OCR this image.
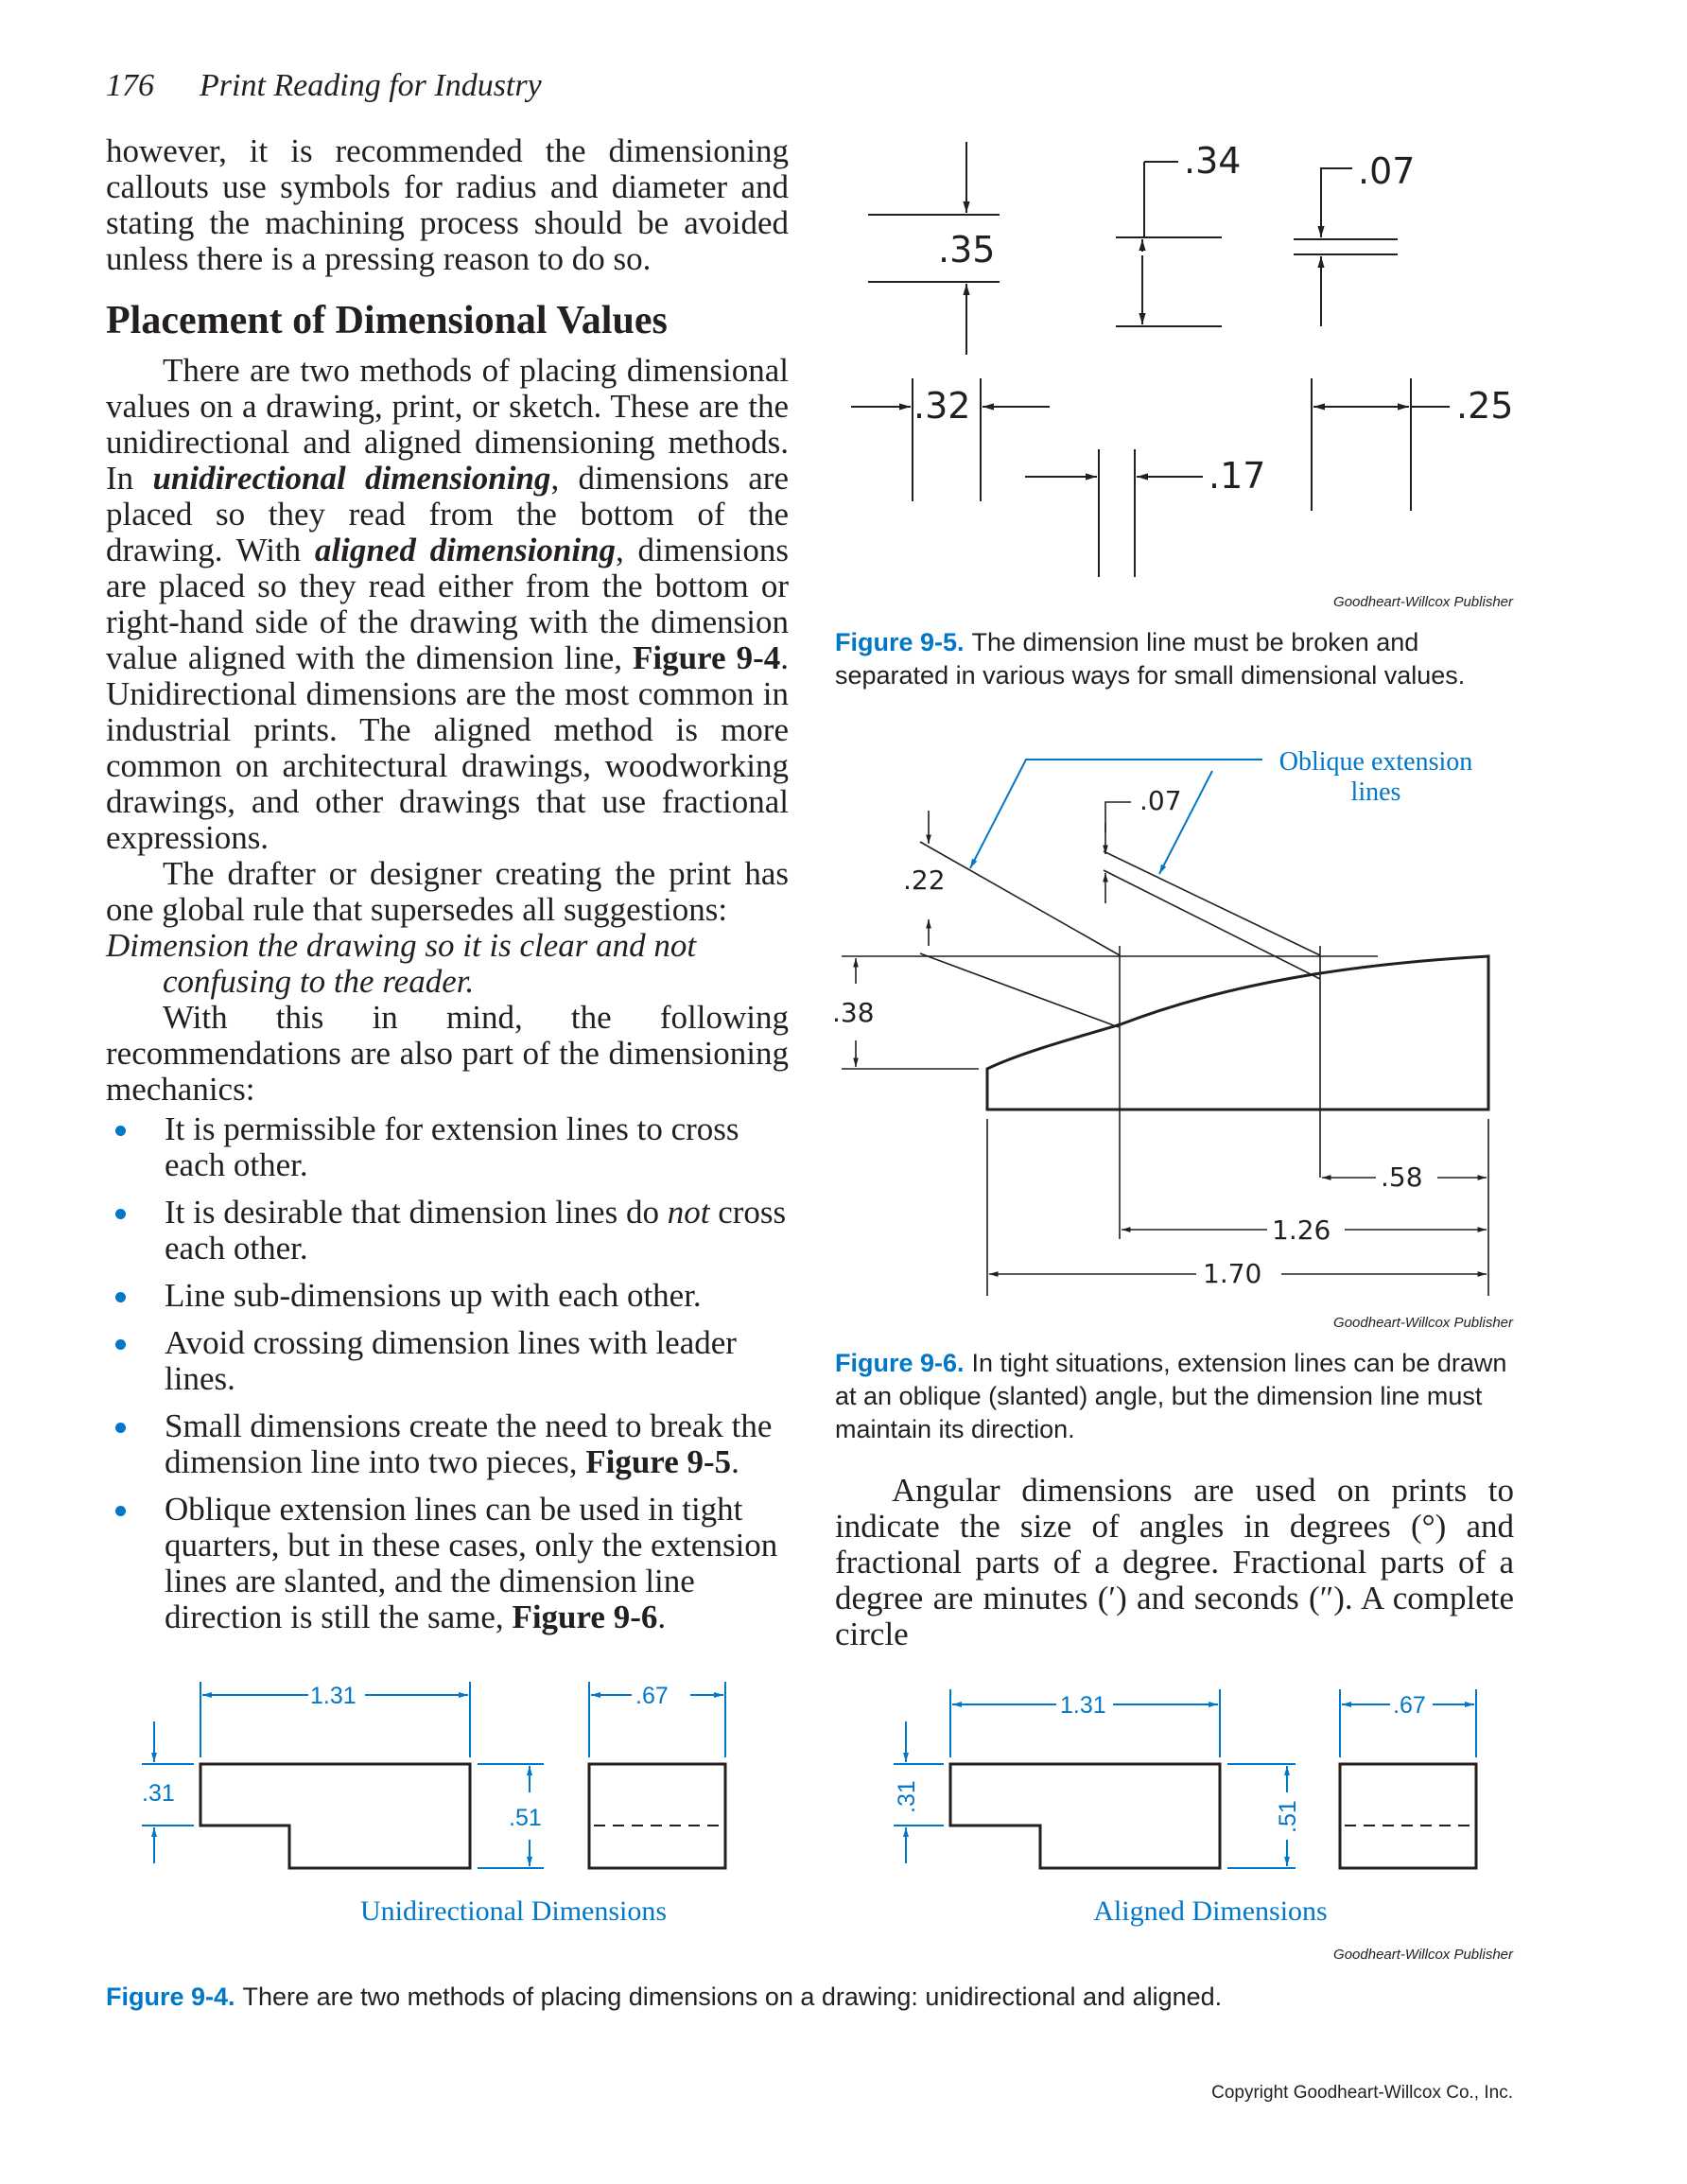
176 Print Reading for Industry

however, it is recommended the dimensioning callouts use symbols for radius and diameter and stating the machining process should be avoided unless there is a pressing reason to do so.

Placement of Dimensional Values

There are two methods of placing dimensional values on a drawing, print, or sketch. These are the unidirectional and aligned dimensioning methods. In unidirectional dimensioning, dimensions are placed so they read from the bottom of the drawing. With aligned dimensioning, dimensions are placed so they read either from the bottom or right-hand side of the drawing with the dimension value aligned with the dimension line, Figure 9-4. Unidirectional dimensions are the most common in industrial prints. The aligned method is more common on architectural drawings, woodworking drawings, and other drawings that use fractional expressions.

The drafter or designer creating the print has one global rule that supersedes all suggestions:

Dimension the drawing so it is clear and not confusing to the reader.

With this in mind, the following recommendations are also part of the dimensioning mechanics:

It is permissible for extension lines to cross each other.
It is desirable that dimension lines do not cross each other.
Line sub-dimensions up with each other.
Avoid crossing dimension lines with leader lines.
Small dimensions create the need to break the dimension line into two pieces, Figure 9-5.
Oblique extension lines can be used in tight quarters, but in these cases, only the extension lines are slanted, and the dimension line direction is still the same, Figure 9-6.
.35
.34	.07
.32
.17
.25
Oblique extension
lines
.07
.22
.38
.58
1.26
1.70
1.31	.67
.31
.51
1.31	.67
.31
.51
Unidirectional Dimensions	Aligned Dimensions
Goodheart-Willcox Publisher
Figure 9-5. The dimension line must be broken and separated in various ways for small dimensional values.
Goodheart-Willcox Publisher
Figure 9-6. In tight situations, extension lines can be drawn at an oblique (slanted) angle, but the dimension line must maintain its direction.

Angular dimensions are used on prints to indicate the size of angles in degrees (°) and fractional parts of a degree. Fractional parts of a degree are minutes (′) and seconds (″). A complete circle

Goodheart-Willcox Publisher
Figure 9-4. There are two methods of placing dimensions on a drawing: unidirectional and aligned.
Copyright Goodheart-Willcox Co., Inc.
